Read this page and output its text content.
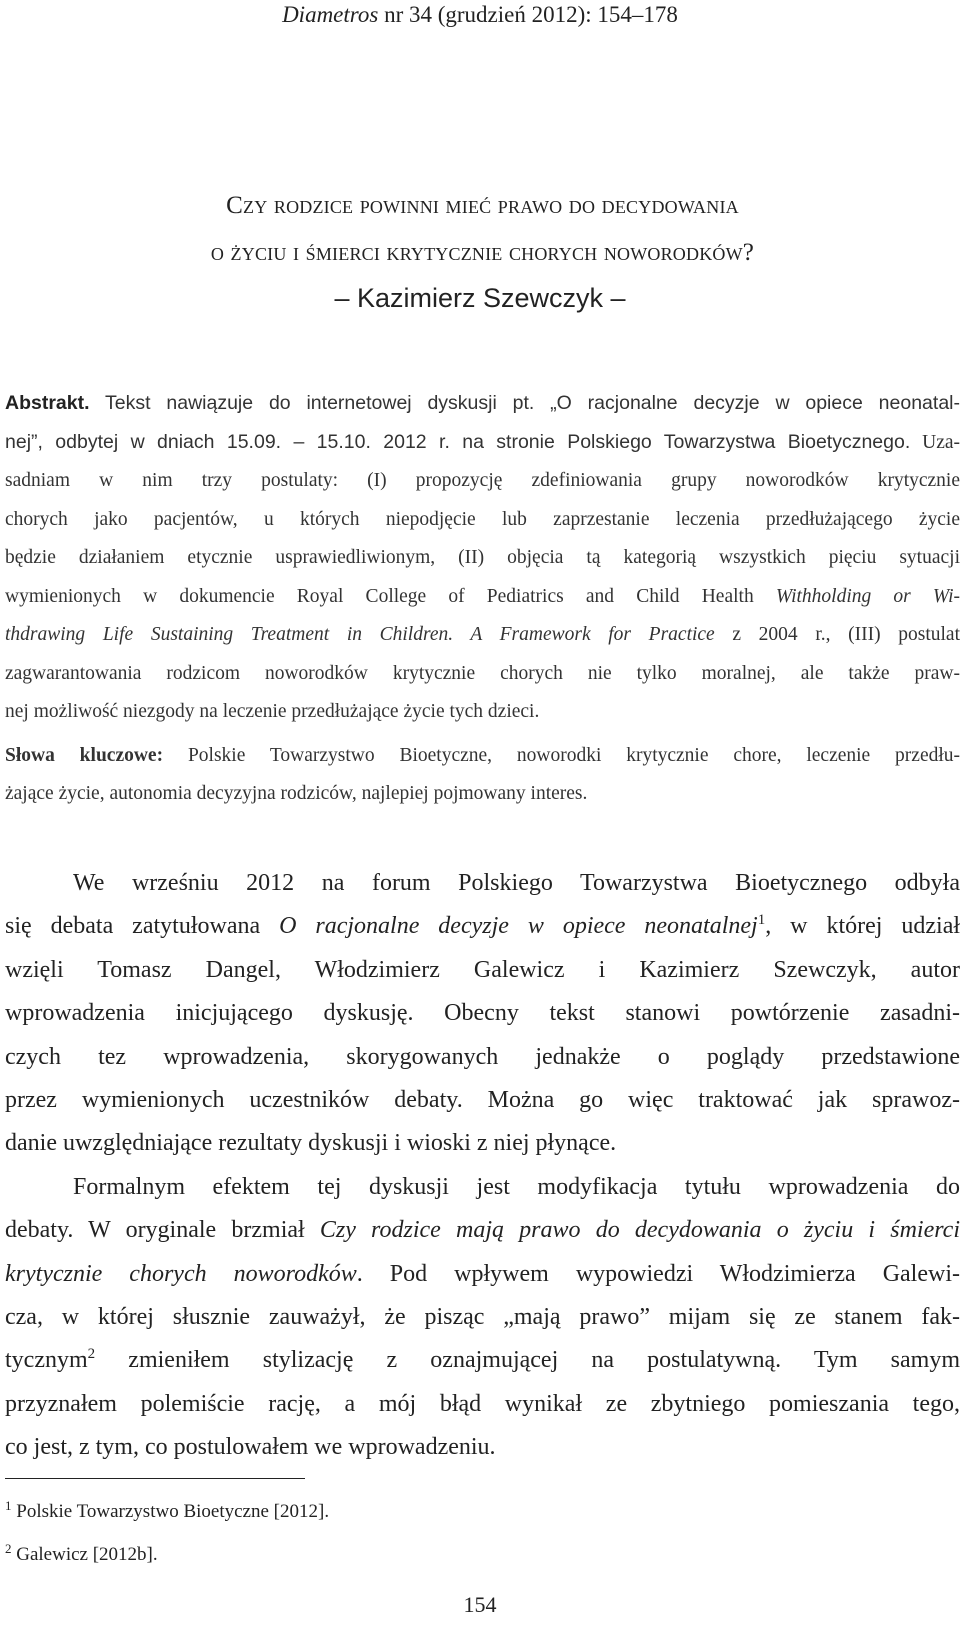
Diametros nr 34 (grudzień 2012): 154–178
Czy rodzice powinni mieć prawo do decydowania
o życiu i śmierci krytycznie chorych noworodków?
– Kazimierz Szewczyk –
Abstrakt. Tekst nawiązuje do internetowej dyskusji pt. „O racjonalne decyzje w opiece neonatal-
nej”, odbytej w dniach 15.09. – 15.10. 2012 r. na stronie Polskiego Towarzystwa Bioetycznego. Uza-
sadniam w nim trzy postulaty: (I) propozycję zdefiniowania grupy noworodków krytycznie
chorych jako pacjentów, u których niepodjęcie lub zaprzestanie leczenia przedłużającego życie
będzie działaniem etycznie usprawiedliwionym, (II) objęcia tą kategorią wszystkich pięciu sytuacji
wymienionych w dokumencie Royal College of Pediatrics and Child Health Withholding or Wi-
thdrawing Life Sustaining Treatment in Children. A Framework for Practice z 2004 r., (III) postulat
zagwarantowania rodzicom noworodków krytycznie chorych nie tylko moralnej, ale także praw-
nej możliwość niezgody na leczenie przedłużające życie tych dzieci.
Słowa kluczowe: Polskie Towarzystwo Bioetyczne, noworodki krytycznie chore, leczenie przedłu-
żające życie, autonomia decyzyjna rodziców, najlepiej pojmowany interes.
We wrześniu 2012 na forum Polskiego Towarzystwa Bioetycznego odbyła
się debata zatytułowana O racjonalne decyzje w opiece neonatalnej$^1$, w której udział
wzięli Tomasz Dangel, Włodzimierz Galewicz i Kazimierz Szewczyk, autor
wprowadzenia inicjującego dyskusję. Obecny tekst stanowi powtórzenie zasadni-
czych tez wprowadzenia, skorygowanych jednakże o poglądy przedstawione
przez wymienionych uczestników debaty. Można go więc traktować jak sprawoz-
danie uwzględniające rezultaty dyskusji i wioski z niej płynące.
Formalnym efektem tej dyskusji jest modyfikacja tytułu wprowadzenia do
debaty. W oryginale brzmiał Czy rodzice mają prawo do decydowania o życiu i śmierci
krytycznie chorych noworodków. Pod wpływem wypowiedzi Włodzimierza Galewi-
cza, w której słusznie zauważył, że pisząc „mają prawo” mijam się ze stanem fak-
tycznym$^2$ zmieniłem stylizację z oznajmującej na postulatywną. Tym samym
przyznałem polemiście rację, a mój błąd wynikał ze zbytniego pomieszania tego,
co jest, z tym, co postulowałem we wprowadzeniu.
$^1$ Polskie Towarzystwo Bioetyczne [2012].
$^2$ Galewicz [2012b].
154
